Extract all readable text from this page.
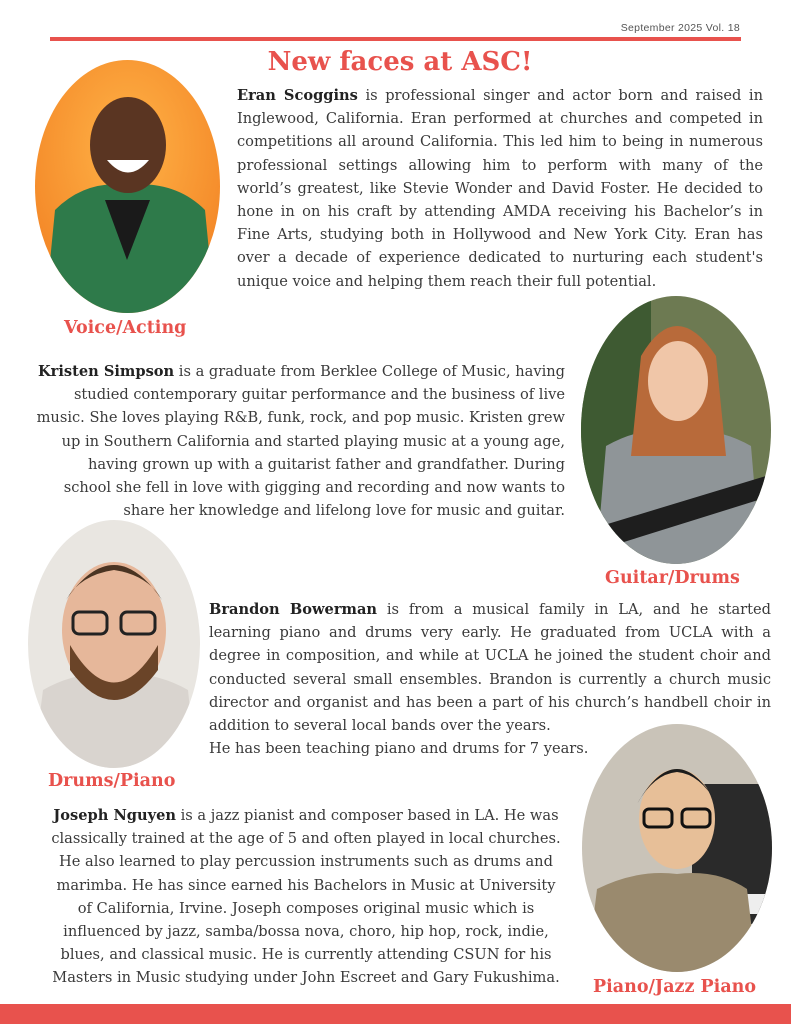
September 2025 Vol. 18
New faces at ASC!
Voice/Acting

Eran Scoggins is professional singer and actor born and raised in
Inglewood, California. Eran performed at churches and competed in
competitions all around California. This led him to being in numerous
professional settings allowing him to perform with many of the
world’s greatest, like Stevie Wonder and David Foster. He decided to
hone in on his craft by attending AMDA receiving his Bachelor’s in
Fine Arts, studying both in Hollywood and New York City. Eran has
over a decade of experience dedicated to nurturing each student's
unique voice and helping them reach their full potential.

Guitar/Drums

Kristen Simpson is a graduate from Berklee College of Music, having
studied contemporary guitar performance and the business of live
music. She loves playing R&B, funk, rock, and pop music. Kristen grew
up in Southern California and started playing music at a young age,
having grown up with a guitarist father and grandfather. During
school she fell in love with gigging and recording and now wants to
share her knowledge and lifelong love for music and guitar.

Drums/Piano

Brandon Bowerman is from a musical family in LA, and he started
learning piano and drums very early. He graduated from UCLA with a
degree in composition, and while at UCLA he joined the student choir and
conducted several small ensembles. Brandon is currently a church music
director and organist and has been a part of his church’s handbell choir in
addition to several local bands over the years.
He has been teaching piano and drums for 7 years.

Piano/Jazz Piano

Joseph Nguyen is a jazz pianist and composer based in LA. He was
classically trained at the age of 5 and often played in local churches.
He also learned to play percussion instruments such as drums and
marimba. He has since earned his Bachelors in Music at University
of California, Irvine. Joseph composes original music which is
influenced by jazz, samba/bossa nova, choro, hip hop, rock, indie,
blues, and classical music. He is currently attending CSUN for his
Masters in Music studying under John Escreet and Gary Fukushima.
